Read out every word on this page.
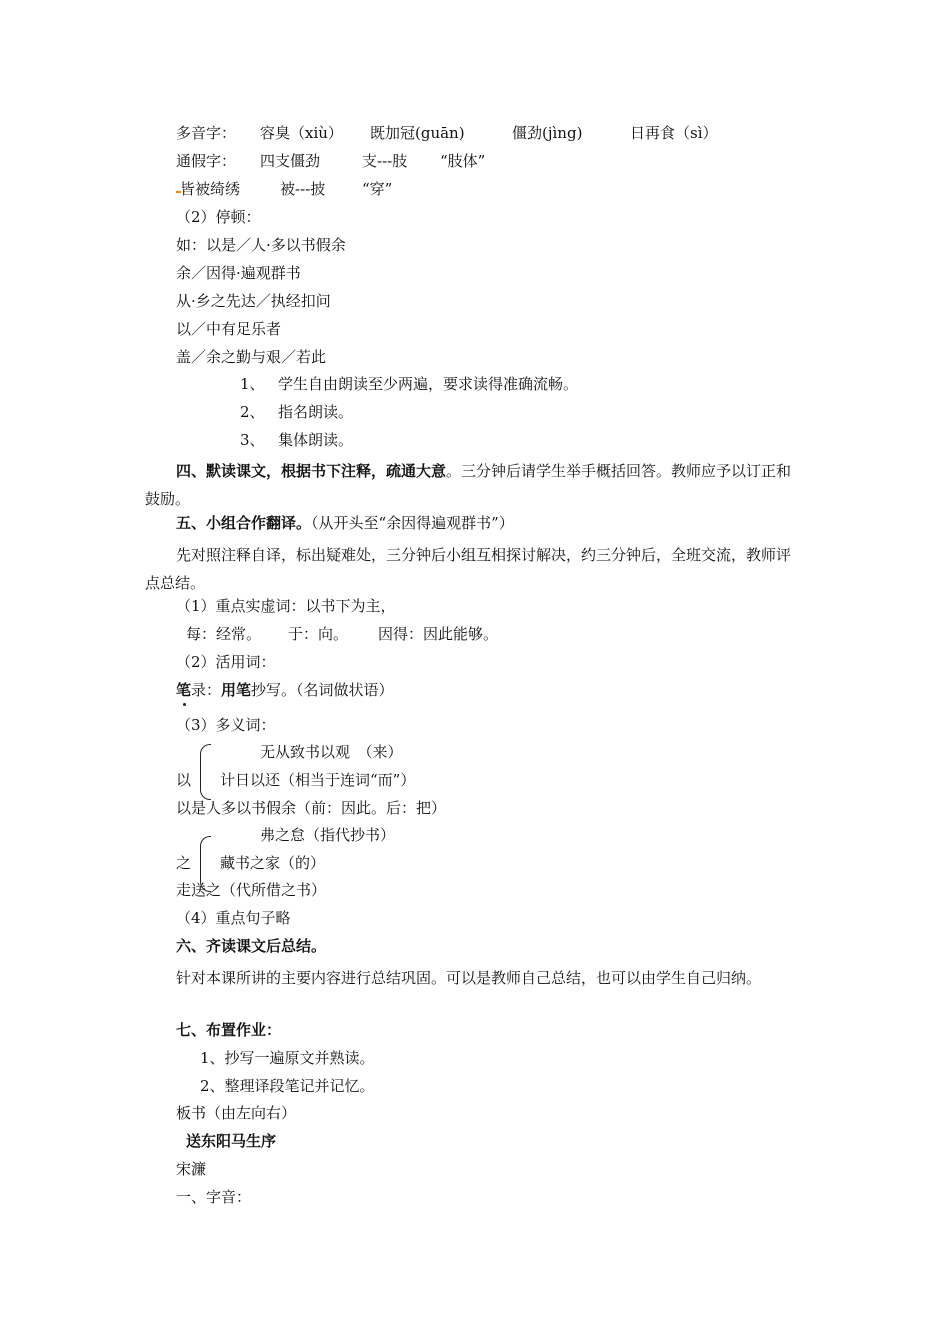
多音字： 容臭（xiù） 既加冠(guān)	僵劲(jìng)	日再食（sì）
通假字： 四支僵劲	支---肢 “肢体”
皆被绮绣	被---披 “穿”
（2）停顿：
如：以是／人·多以书假余
余／因得·遍观群书
从·乡之先达／执经扣问
以／中有足乐者
盖／余之勤与艰／若此
1、 学生自由朗读至少两遍，要求读得准确流畅。
2、 指名朗读。
3、 集体朗读。
四、默读课文，根据书下注释，疏通大意。三分钟后请学生举手概括回答。教师应予以订正和鼓励。
五、小组合作翻译。（从开头至“余因得遍观群书”）
先对照注释自译，标出疑难处，三分钟后小组互相探讨解决，约三分钟后，全班交流，教师评点总结。
（1）重点实虚词：以书下为主，
每：经常。 于：向。 因得：因此能够。
（2）活用词：
笔录：用笔抄写。（名词做状语）
（3）多义词：
无从致书以观　（来）
以 计日以还（相当于连词“而”）
以是人多以书假余（前：因此。后：把）
弗之怠（指代抄书）
之 藏书之家（的）
走送之（代所借之书）
（4）重点句子略
六、齐读课文后总结。
针对本课所讲的主要内容进行总结巩固。可以是教师自己总结，也可以由学生自己归纳。
七、布置作业：
1、抄写一遍原文并熟读。
2、整理译段笔记并记忆。
板书（由左向右）
送东阳马生序
宋濂
一、字音：
